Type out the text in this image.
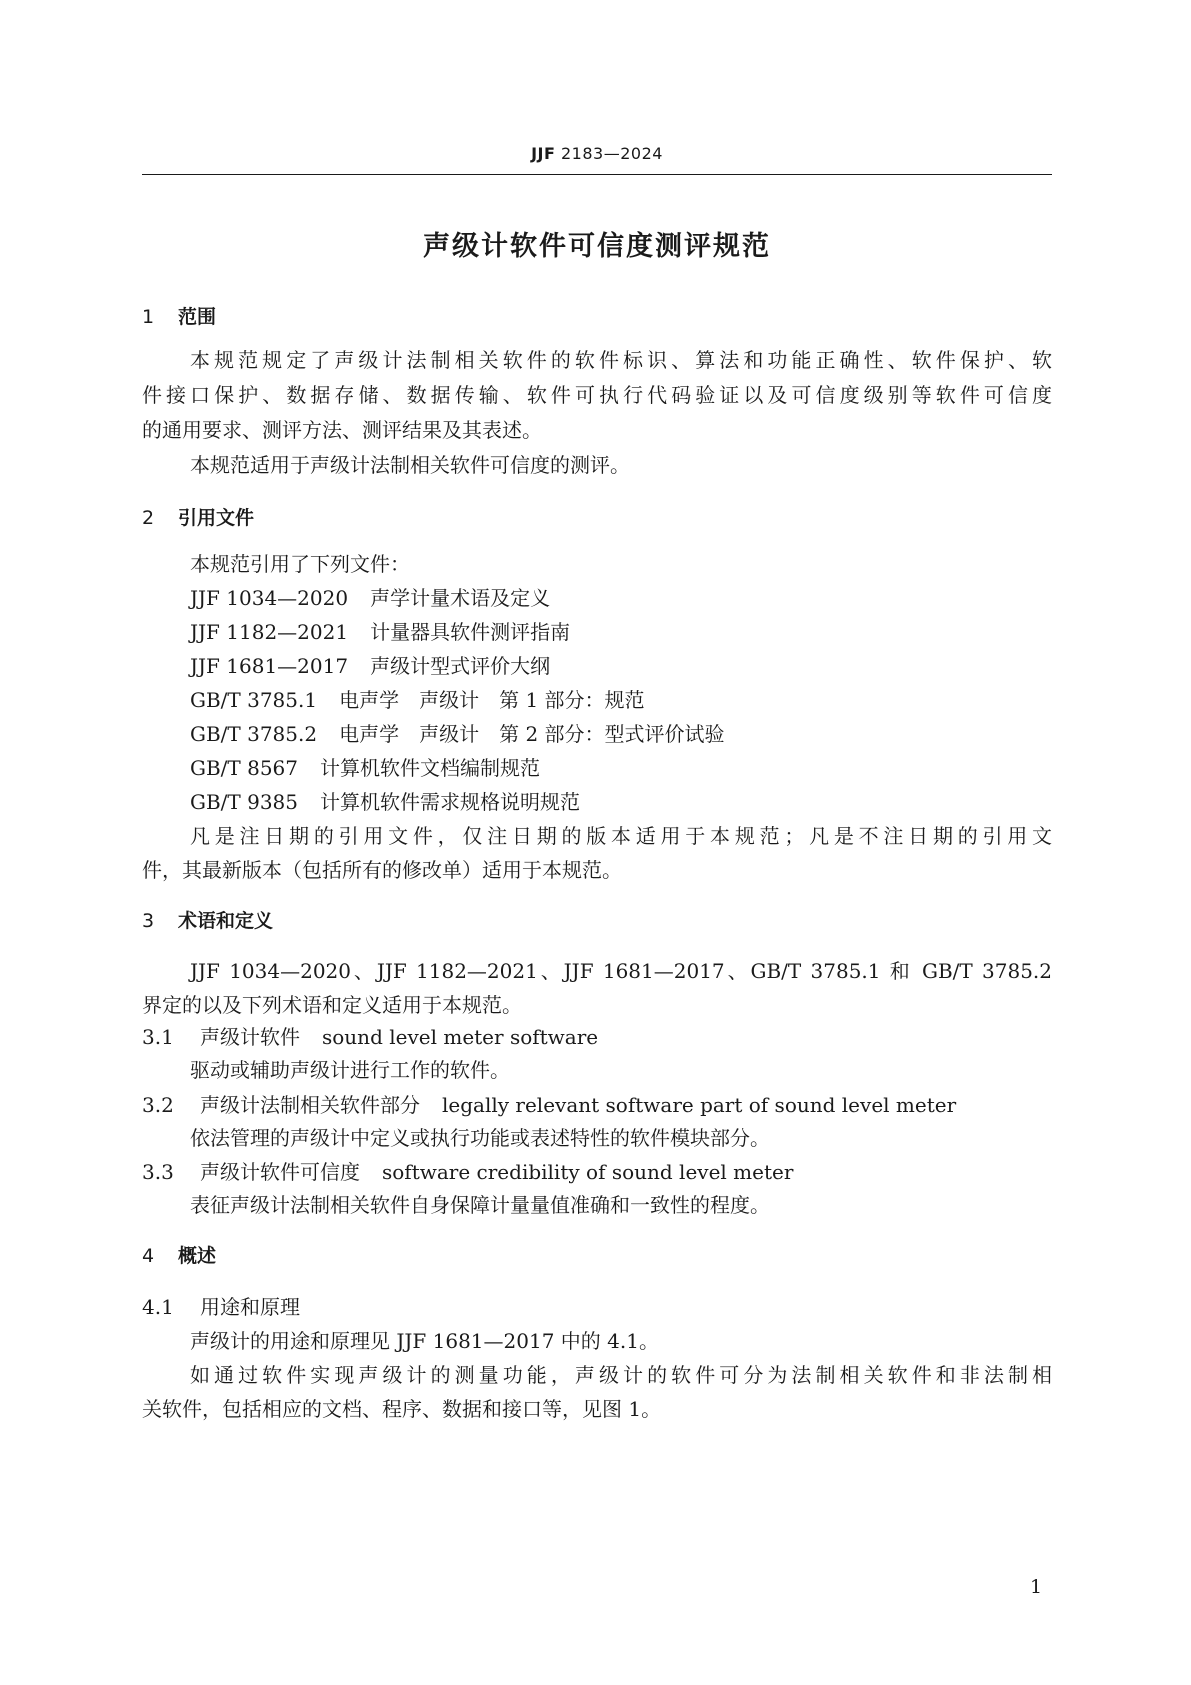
JJF 2183—2024
声级计软件可信度测评规范
1 范围
本规范规定了声级计法制相关软件的软件标识、算法和功能正确性、软件保护、软
件接口保护、数据存储、数据传输、软件可执行代码验证以及可信度级别等软件可信度
的通用要求、测评方法、测评结果及其表述。
本规范适用于声级计法制相关软件可信度的测评。
2 引用文件
本规范引用了下列文件：
JJF 1034—2020 声学计量术语及定义
JJF 1182—2021 计量器具软件测评指南
JJF 1681—2017 声级计型式评价大纲
GB/T 3785.1 电声学　声级计　第 1 部分：规范
GB/T 3785.2 电声学　声级计　第 2 部分：型式评价试验
GB/T 8567 计算机软件文档编制规范
GB/T 9385 计算机软件需求规格说明规范
凡是注日期的引用文件，仅注日期的版本适用于本规范；凡是不注日期的引用文
件，其最新版本（包括所有的修改单）适用于本规范。
3 术语和定义
JJF 1034—2020、JJF 1182—2021、JJF 1681—2017、GB/T 3785.1 和 GB/T 3785.2
界定的以及下列术语和定义适用于本规范。
3.1 声级计软件 sound level meter software
驱动或辅助声级计进行工作的软件。
3.2 声级计法制相关软件部分 legally relevant software part of sound level meter
依法管理的声级计中定义或执行功能或表述特性的软件模块部分。
3.3 声级计软件可信度 software credibility of sound level meter
表征声级计法制相关软件自身保障计量量值准确和一致性的程度。
4 概述
4.1 用途和原理
声级计的用途和原理见 JJF 1681—2017 中的 4.1。
如通过软件实现声级计的测量功能，声级计的软件可分为法制相关软件和非法制相
关软件，包括相应的文档、程序、数据和接口等，见图 1。
1
